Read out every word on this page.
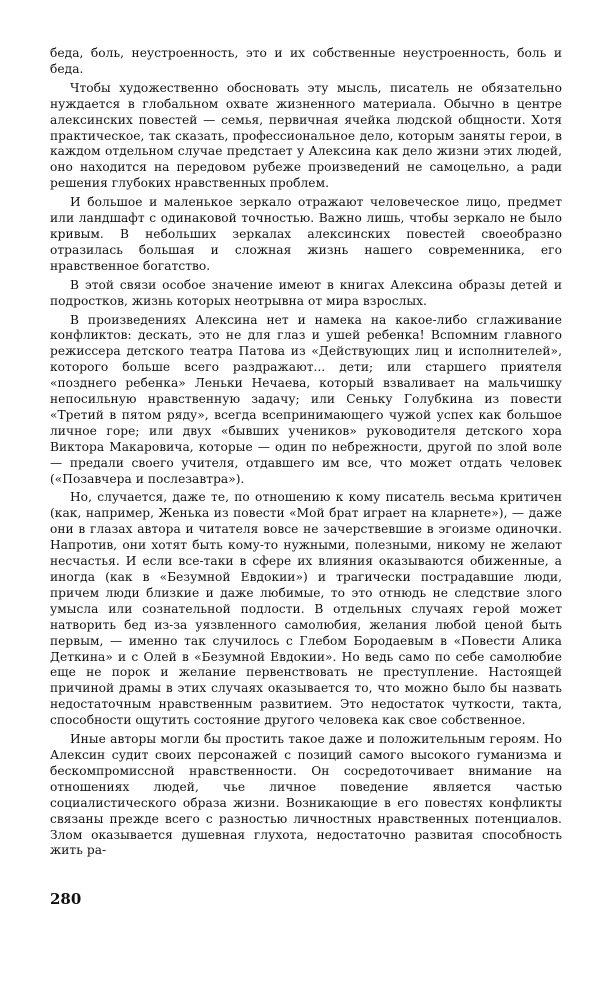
беда, боль, неустроенность, это и их собственные неустроенность, боль и беда.

Чтобы художественно обосновать эту мысль, писатель не обязательно нуждается в глобальном охвате жизненного материала. Обычно в центре алексинских повестей — семья, первичная ячейка людской общности. Хотя практическое, так сказать, профессиональное дело, которым заняты герои, в каждом отдельном случае предстает у Алексина как дело жизни этих людей, оно находится на передовом рубеже произведений не самоцельно, а ради решения глубоких нравственных проблем.

И большое и маленькое зеркало отражают человеческое лицо, предмет или ландшафт с одинаковой точностью. Важно лишь, чтобы зеркало не было кривым. В небольших зеркалах алексинских повестей своеобразно отразилась большая и сложная жизнь нашего современника, его нравственное богатство.

В этой связи особое значение имеют в книгах Алексина образы детей и подростков, жизнь которых неотрывна от мира взрослых.

В произведениях Алексина нет и намека на какое-либо сглаживание конфликтов: дескать, это не для глаз и ушей ребенка! Вспомним главного режиссера детского театра Патова из «Действующих лиц и исполнителей», которого больше всего раздражают... дети; или старшего приятеля «позднего ребенка» Леньки Нечаева, который взваливает на мальчишку непосильную нравственную задачу; или Сеньку Голубкина из повести «Третий в пятом ряду», всегда всепринимающего чужой успех как большое личное горе; или двух «бывших учеников» руководителя детского хора Виктора Макаровича, которые — один по небрежности, другой по злой воле — предали своего учителя, отдавшего им все, что может отдать человек («Позавчера и послезавтра»).

Но, случается, даже те, по отношению к кому писатель весьма критичен (как, например, Женька из повести «Мой брат играет на кларнете»), — даже они в глазах автора и читателя вовсе не зачерствевшие в эгоизме одиночки. Напротив, они хотят быть кому-то нужными, полезными, никому не желают несчастья. И если все-таки в сфере их влияния оказываются обиженные, а иногда (как в «Безумной Евдокии») и трагически пострадавшие люди, причем люди близкие и даже любимые, то это отнюдь не следствие злого умысла или сознательной подлости. В отдельных случаях герой может натворить бед из-за уязвленного самолюбия, желания любой ценой быть первым, — именно так случилось с Глебом Бородаевым в «Повести Алика Деткина» и с Олей в «Безумной Евдокии». Но ведь само по себе самолюбие еще не порок и желание первенствовать не преступление. Настоящей причиной драмы в этих случаях оказывается то, что можно было бы назвать недостаточным нравственным развитием. Это недостаток чуткости, такта, способности ощутить состояние другого человека как свое собственное.

Иные авторы могли бы простить такое даже и положительным героям. Но Алексин судит своих персонажей с позиций самого высокого гуманизма и бескомпромиссной нравственности. Он сосредоточивает внимание на отношениях людей, чье личное поведение является частью социалистического образа жизни. Возникающие в его повестях конфликты связаны прежде всего с разностью личностных нравственных потенциалов. Злом оказывается душевная глухота, недостаточно развитая способность жить ра-

280
